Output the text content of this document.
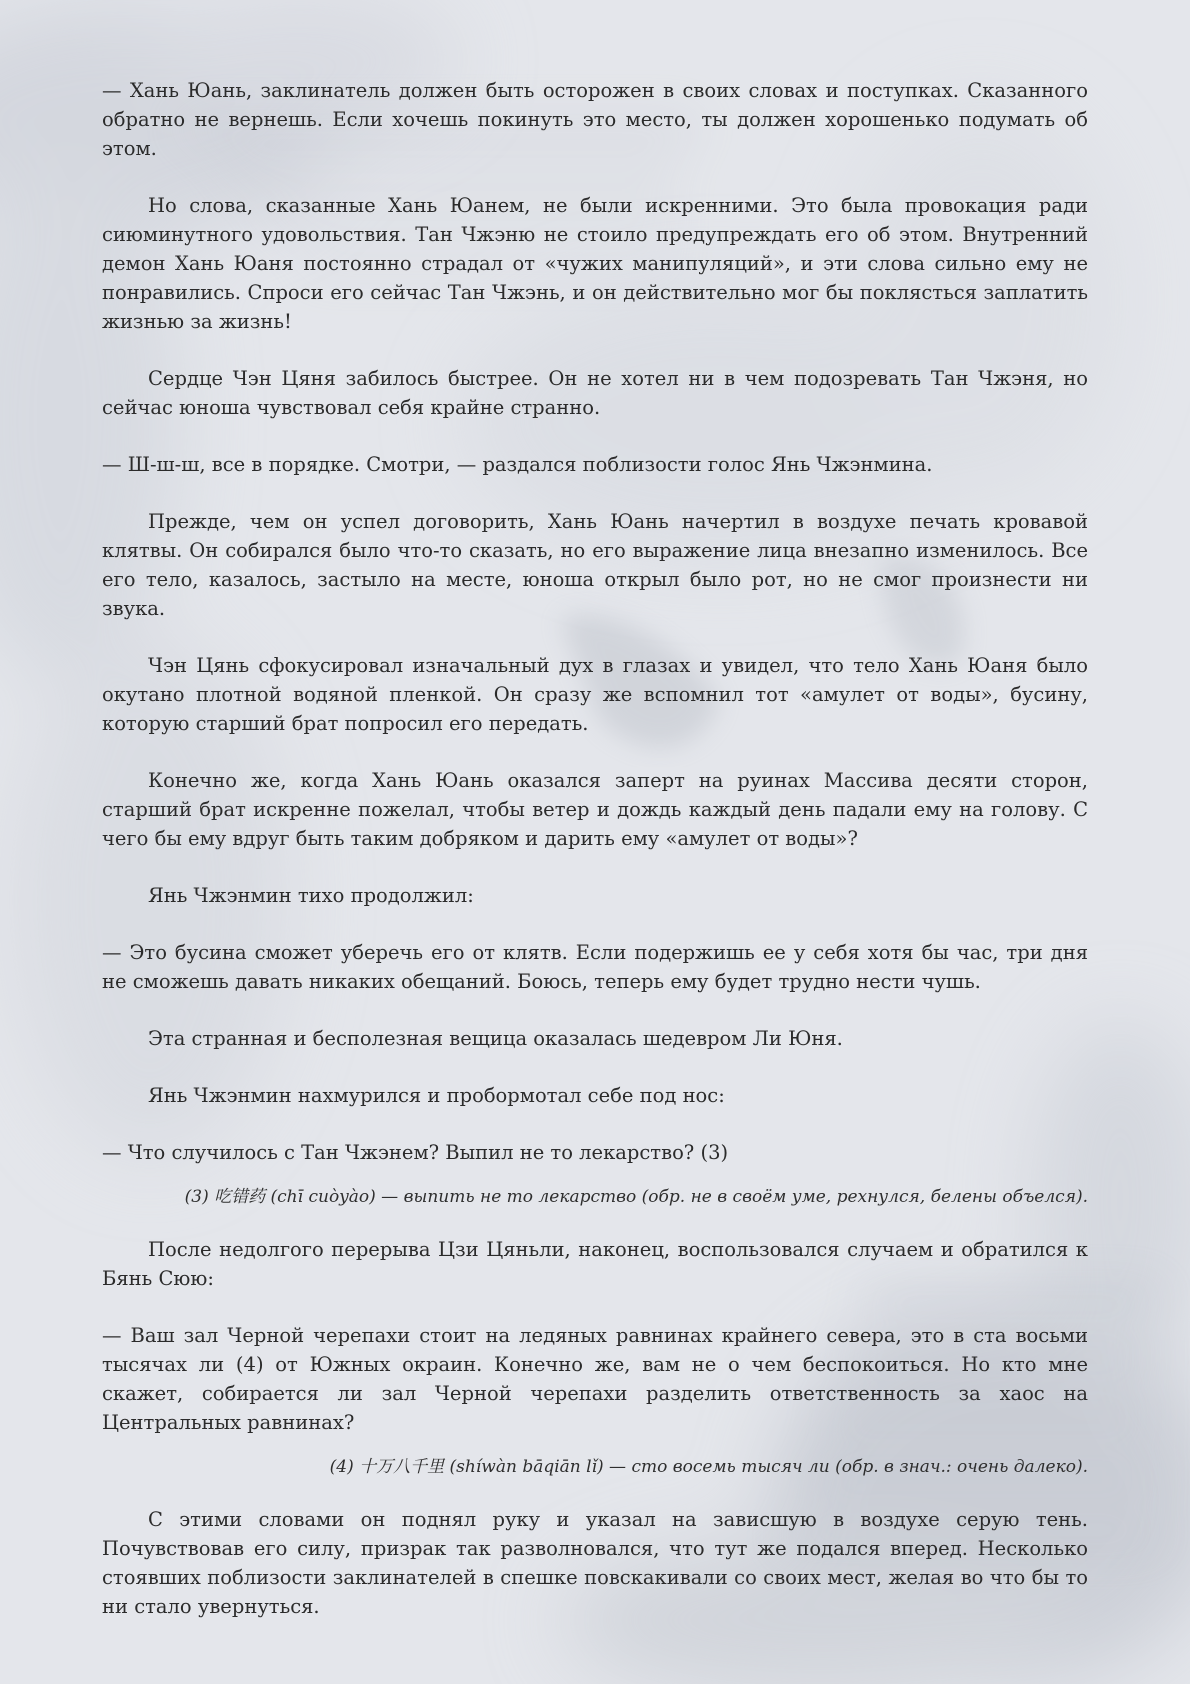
— Хань Юань, заклинатель должен быть осторожен в своих словах и поступках. Сказанного обратно не вернешь. Если хочешь покинуть это место, ты должен хорошенько подумать об этом.

Но слова, сказанные Хань Юанем, не были искренними. Это была провокация ради сиюминутного удовольствия. Тан Чжэню не стоило предупреждать его об этом. Внутренний демон Хань Юаня постоянно страдал от «чужих манипуляций», и эти слова сильно ему не понравились. Спроси его сейчас Тан Чжэнь, и он действительно мог бы поклясться заплатить жизнью за жизнь!

Сердце Чэн Цяня забилось быстрее. Он не хотел ни в чем подозревать Тан Чжэня, но сейчас юноша чувствовал себя крайне странно.

— Ш-ш-ш, все в порядке. Смотри, — раздался поблизости голос Янь Чжэнмина.

Прежде, чем он успел договорить, Хань Юань начертил в воздухе печать кровавой клятвы. Он собирался было что-то сказать, но его выражение лица внезапно изменилось. Все его тело, казалось, застыло на месте, юноша открыл было рот, но не смог произнести ни звука.

Чэн Цянь сфокусировал изначальный дух в глазах и увидел, что тело Хань Юаня было окутано плотной водяной пленкой. Он сразу же вспомнил тот «амулет от воды», бусину, которую старший брат попросил его передать.

Конечно же, когда Хань Юань оказался заперт на руинах Массива десяти сторон, старший брат искренне пожелал, чтобы ветер и дождь каждый день падали ему на голову. С чего бы ему вдруг быть таким добряком и дарить ему «амулет от воды»?

Янь Чжэнмин тихо продолжил:

— Это бусина сможет уберечь его от клятв. Если подержишь ее у себя хотя бы час, три дня не сможешь давать никаких обещаний. Боюсь, теперь ему будет трудно нести чушь.

Эта странная и бесполезная вещица оказалась шедевром Ли Юня.

Янь Чжэнмин нахмурился и пробормотал себе под нос:

— Что случилось с Тан Чжэнем? Выпил не то лекарство? (3)

(3) 吃错药 (chī cuòyào) — выпить не то лекарство (обр. не в своём уме, рехнулся, белены объелся).

После недолгого перерыва Цзи Цяньли, наконец, воспользовался случаем и обратился к Бянь Сюю:

— Ваш зал Черной черепахи стоит на ледяных равнинах крайнего севера, это в ста восьми тысячах ли (4) от Южных окраин. Конечно же, вам не о чем беспокоиться. Но кто мне скажет, собирается ли зал Черной черепахи разделить ответственность за хаос на Центральных равнинах?

(4) 十万八千里 (shíwàn bāqiān lǐ) — сто восемь тысяч ли (обр. в знач.: очень далеко).

С этими словами он поднял руку и указал на зависшую в воздухе серую тень. Почувствовав его силу, призрак так разволновался, что тут же подался вперед. Несколько стоявших поблизости заклинателей в спешке повскакивали со своих мест, желая во что бы то ни стало увернуться.
